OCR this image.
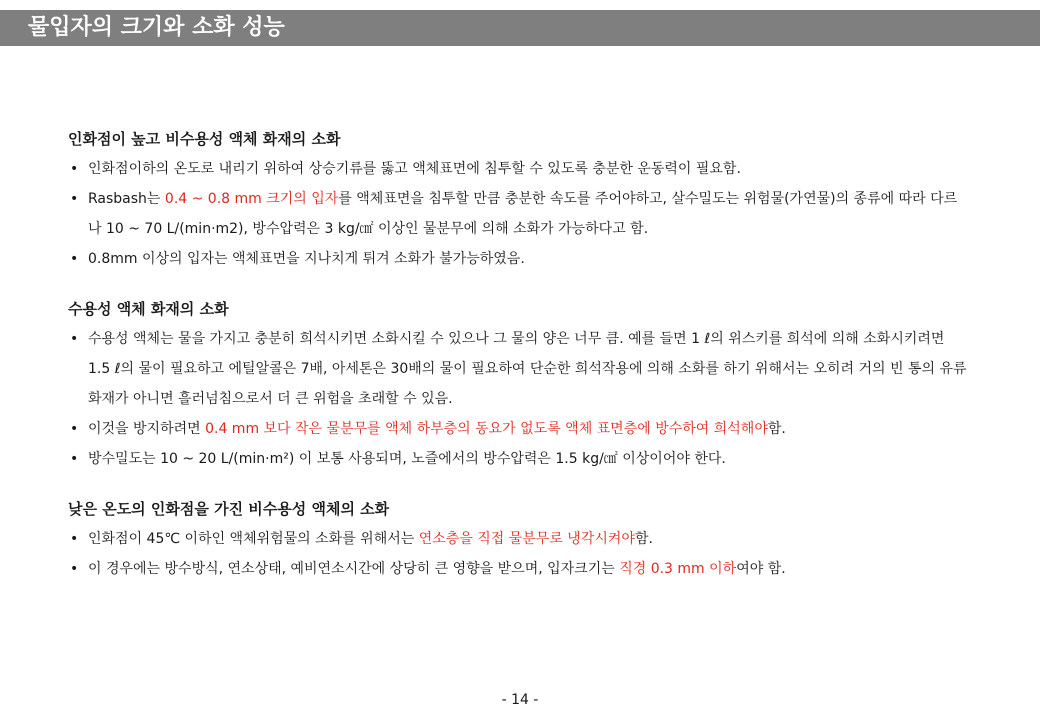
물입자의 크기와 소화 성능
인화점이 높고 비수용성 액체 화재의 소화
• 인화점이하의 온도로 내리기 위하여 상승기류를 뚫고 액체표면에 침투할 수 있도록 충분한 운동력이 필요함.
• Rasbash는 0.4 ~ 0.8 mm 크기의 입자를 액체표면을 침투할 만큼 충분한 속도를 주어야하고, 살수밀도는 위험물(가연물)의 종류에 따라 다르나 10 ~ 70 L/(min·m2), 방수압력은 3 kg/㎠ 이상인 물분무에 의해 소화가 가능하다고 함.
• 0.8mm 이상의 입자는 액체표면을 지나치게 튀겨 소화가 불가능하였음.
수용성 액체 화재의 소화
• 수용성 액체는 물을 가지고 충분히 희석시키면 소화시킬 수 있으나 그 물의 양은 너무 큼. 예를 들면 1 ℓ의 위스키를 희석에 의해 소화시키려면 1.5 ℓ의 물이 필요하고 에틸알콜은 7배, 아세톤은 30배의 물이 필요하여 단순한 희석작용에 의해 소화를 하기 위해서는 오히려 거의 빈 통의 유류화재가 아니면 흘러넘침으로서 더 큰 위험을 초래할 수 있음.
• 이것을 방지하려면 0.4 mm 보다 작은 물분무를 액체 하부층의 동요가 없도록 액체 표면층에 방수하여 희석해야함.
• 방수밀도는 10 ~ 20 L/(min·m²) 이 보통 사용되며, 노즐에서의 방수압력은 1.5 kg/㎠ 이상이어야 한다.
낮은 온도의 인화점을 가진 비수용성 액체의 소화
• 인화점이 45℃ 이하인 액체위험물의 소화를 위해서는 연소층을 직접 물분무로 냉각시켜야함.
• 이 경우에는 방수방식, 연소상태, 예비연소시간에 상당히 큰 영향을 받으며, 입자크기는 직경 0.3 mm 이하여야 함.
- 14 -
